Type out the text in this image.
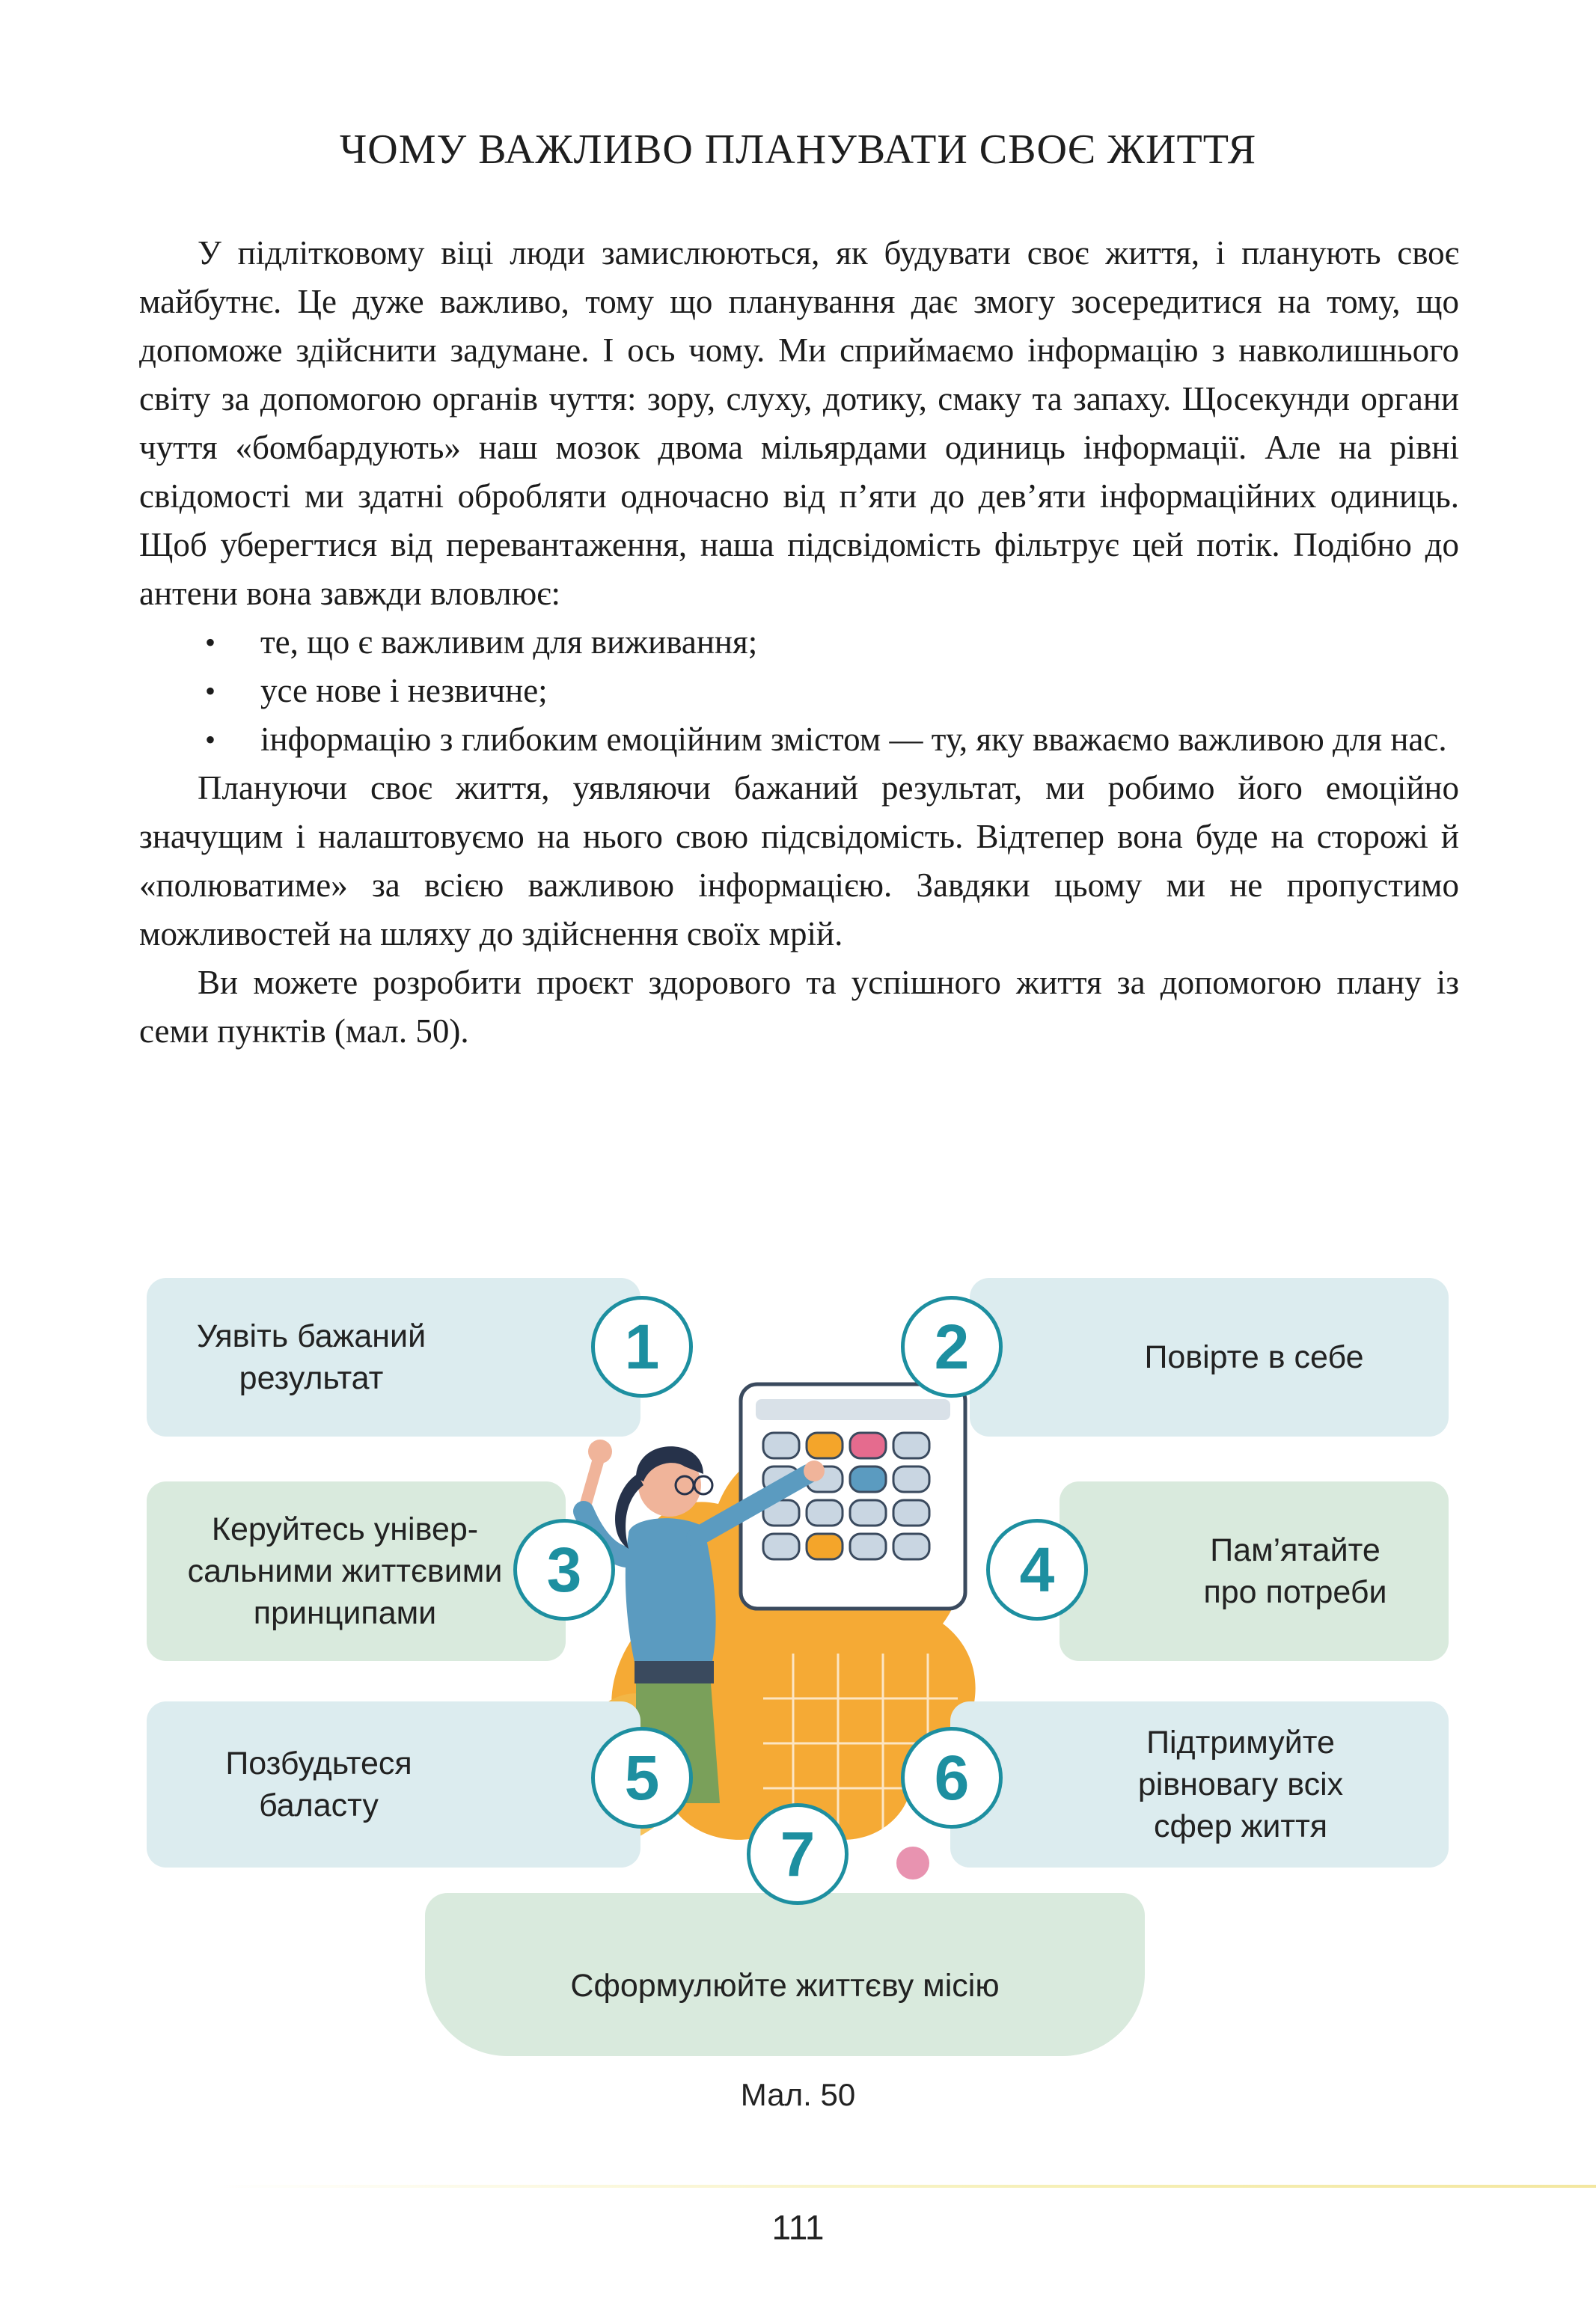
ЧОМУ ВАЖЛИВО ПЛАНУВАТИ СВОЄ ЖИТТЯ

У підлітковому віці люди замислюються, як будувати своє життя, і планують своє майбутнє. Це дуже важливо, тому що планування дає змогу зосередитися на тому, що допоможе здійснити задумане. І ось чому. Ми сприймаємо інформацію з навколишнього світу за допомогою органів чуття: зору, слуху, дотику, смаку та запаху. Щосекунди органи чуття «бомбардують» наш мозок двома мільярдами одиниць інформації. Але на рівні свідомості ми здатні обробляти одночасно від п’яти до дев’яти інформаційних одиниць. Щоб уберегтися від перевантаження, наша підсвідомість фільтрує цей потік. Подібно до антени вона завжди вловлює:

• те, що є важливим для виживання;
• усе нове і незвичне;
• інформацію з глибоким емоційним змістом — ту, яку вважаємо важливою для нас.

Плануючи своє життя, уявляючи бажаний результат, ми робимо його емоційно значущим і налаштовуємо на нього свою підсвідомість. Відтепер вона буде на сторожі й «полюватиме» за всією важливою інформацією. Завдяки цьому ми не пропустимо можливостей на шляху до здійснення своїх мрій.

Ви можете розробити проєкт здорового та успішного життя за допомогою плану із семи пунктів (мал. 50).

Уявіть бажаний
результат	1	Повірте в себе
2
Керуйтесь універ-
сальними життєвими
принципами
3	Пам’ятайте
про потреби
4
Позбудьтеся
баласту	5	Підтримуйте
рівновагу всіх
сфер життя
6
Сформулюйте життєву місію
7
Мал. 50
111
